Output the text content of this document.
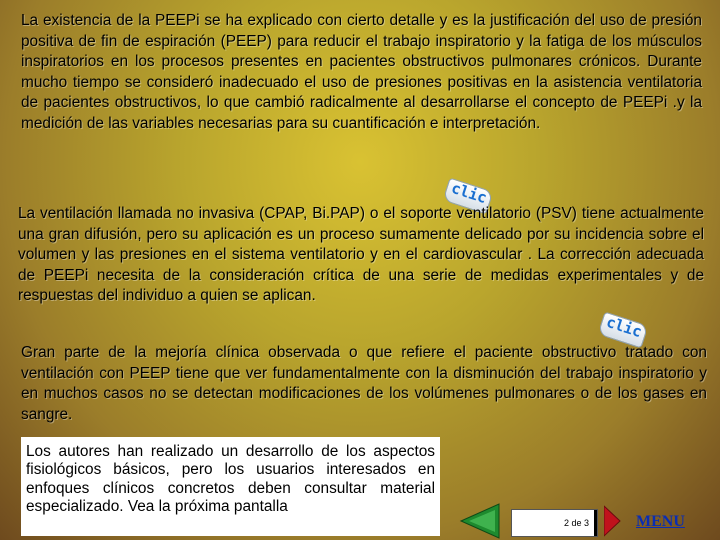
La existencia de la PEEPi se ha explicado con cierto detalle y es la justificación del uso de presión positiva de fin de espiración (PEEP) para reducir el trabajo inspiratorio y la fatiga de los músculos inspiratorios en los procesos presentes en pacientes obstructivos pulmonares crónicos. Durante mucho tiempo se consideró inadecuado el uso de presiones positivas en la asistencia ventilatoria de pacientes obstructivos, lo que cambió radicalmente al desarrollarse el concepto de PEEPi .y la medición de las variables necesarias para su cuantificación e interpretación.

clic

La ventilación llamada no invasiva (CPAP, Bi.PAP) o el soporte ventilatorio (PSV) tiene actualmente una gran difusión, pero su aplicación es un proceso sumamente delicado por su incidencia sobre el volumen y las presiones en el sistema ventilatorio y en el cardiovascular . La corrección adecuada de PEEPi necesita de la consideración crítica de una serie de medidas experimentales y de respuestas del individuo a quien se aplican.

Gran parte de la mejoría clínica observada o que refiere el paciente obstructivo tratado con ventilación con PEEP tiene que ver fundamentalmente con la disminución del trabajo inspiratorio y en muchos casos no se detectan modificaciones de los volúmenes pulmonares o de los gases en sangre.

clic

Los autores han realizado un desarrollo de los aspectos fisiológicos básicos, pero los usuarios interesados en enfoques clínicos concretos deben consultar material especializado. Vea la próxima pantalla

2 de 3	MENU
